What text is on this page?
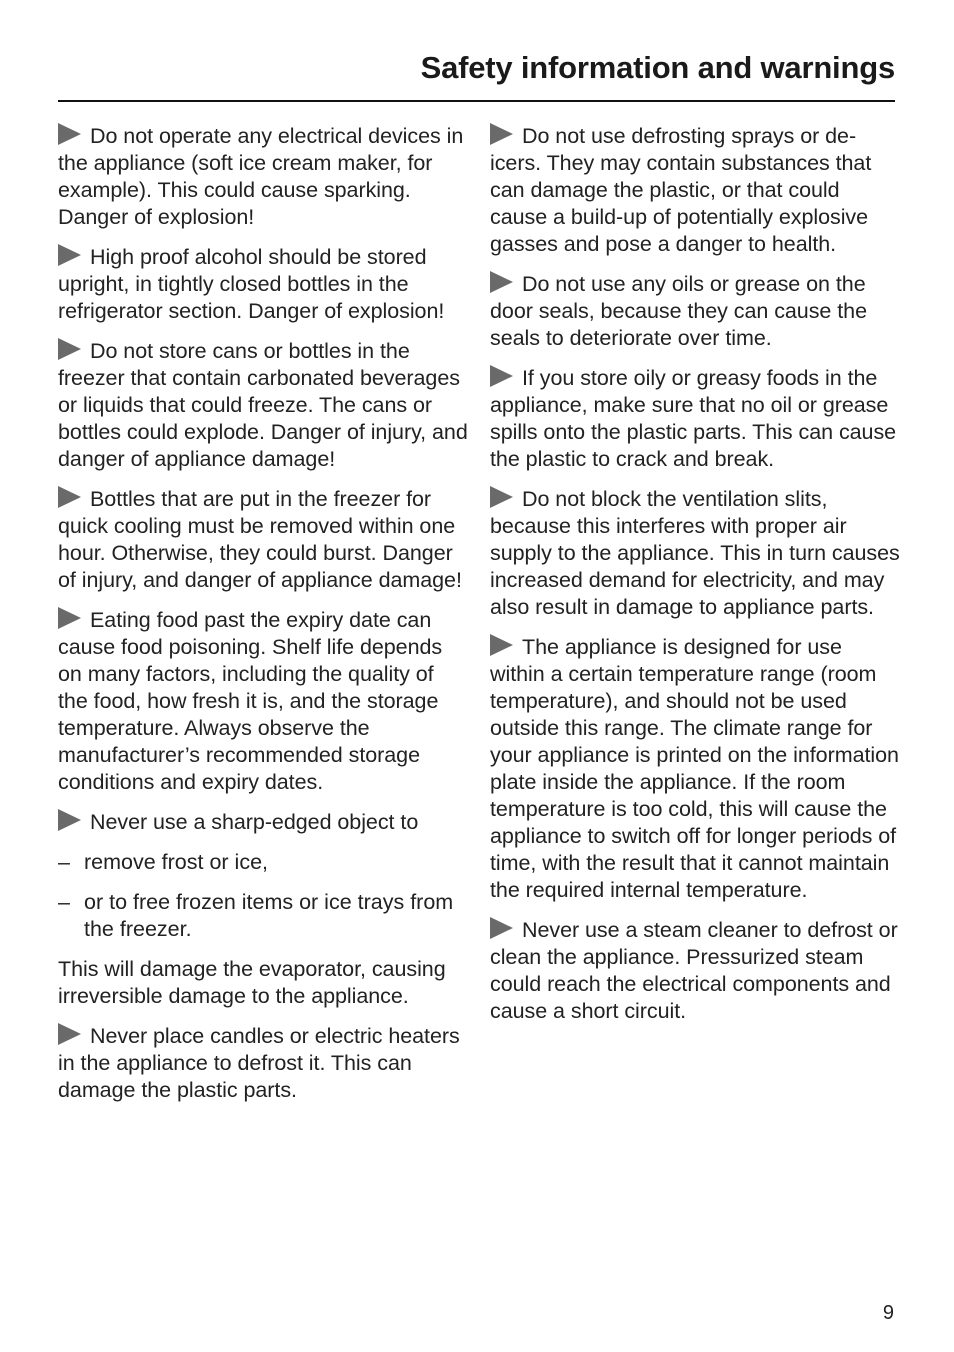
Safety information and warnings

Do not operate any electrical devices in the appliance (soft ice cream maker, for example). This could cause sparking. Danger of explosion!

High proof alcohol should be stored upright, in tightly closed bottles in the refrigerator section. Danger of explosion!

Do not store cans or bottles in the freezer that contain carbonated beverages or liquids that could freeze. The cans or bottles could explode. Danger of injury, and danger of appliance damage!

Bottles that are put in the freezer for quick cooling must be removed within one hour. Otherwise, they could burst. Danger of injury, and danger of appliance damage!

Eating food past the expiry date can cause food poisoning. Shelf life depends on many factors, including the quality of the food, how fresh it is, and the storage temperature. Always observe the manufacturer’s recommended storage conditions and expiry dates.

Never use a sharp-edged object to

– remove frost or ice,
– or to free frozen items or ice trays from the freezer.

This will damage the evaporator, causing irreversible damage to the appliance.

Never place candles or electric heaters in the appliance to defrost it. This can damage the plastic parts.

Do not use defrosting sprays or de-icers. They may contain substances that can damage the plastic, or that could cause a build-up of potentially explosive gasses and pose a danger to health.

Do not use any oils or grease on the door seals, because they can cause the seals to deteriorate over time.

If you store oily or greasy foods in the appliance, make sure that no oil or grease spills onto the plastic parts. This can cause the plastic to crack and break.

Do not block the ventilation slits, because this interferes with proper air supply to the appliance. This in turn causes increased demand for electricity, and may also result in damage to appliance parts.

The appliance is designed for use within a certain temperature range (room temperature), and should not be used outside this range. The climate range for your appliance is printed on the information plate inside the appliance. If the room temperature is too cold, this will cause the appliance to switch off for longer periods of time, with the result that it cannot maintain the required internal temperature.

Never use a steam cleaner to defrost or clean the appliance. Pressurized steam could reach the electrical components and cause a short circuit.

9
